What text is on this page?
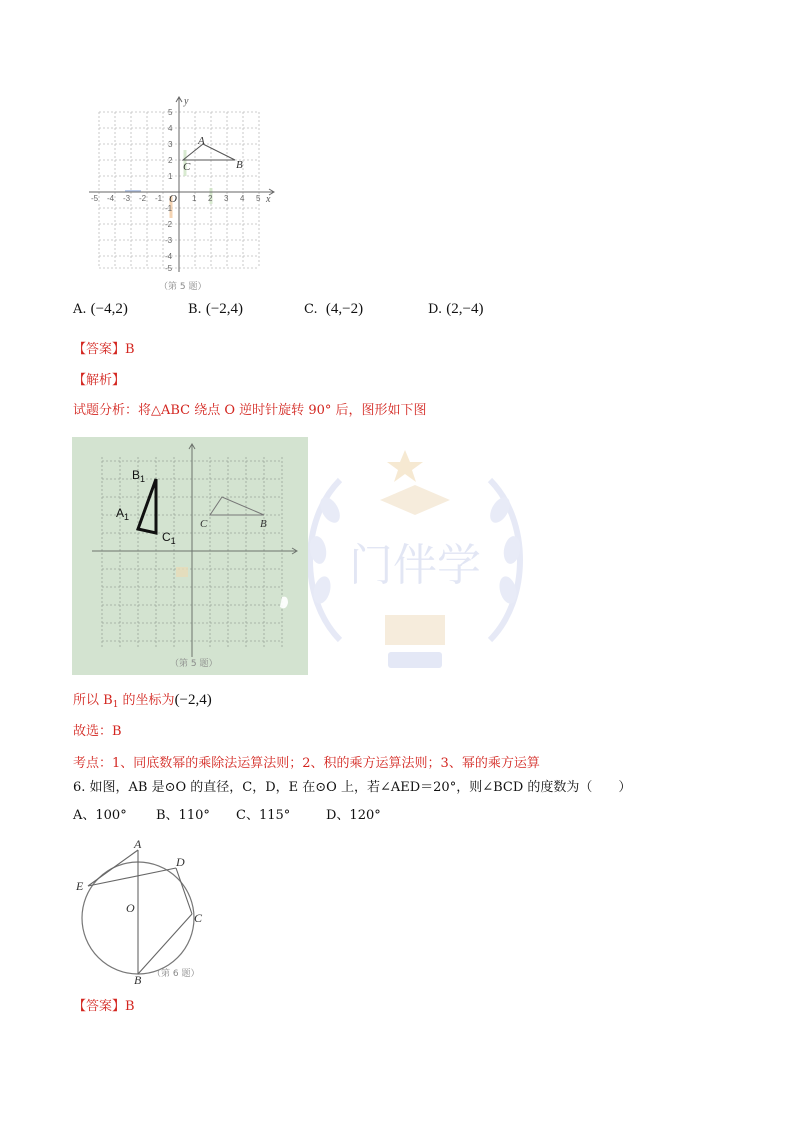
y
x
O
A
B
C
-5 -4 -3 -2 -1	1 2 3 4 5
5
4
3
2
1
-1
-2
-3
-4
-5
（第 5 题）
A. (−4,2)	B. (−2,4)	C. (4,−2)	D. (2,−4)
【答案】B
【解析】
试题分析：将△ABC 绕点 O 逆时针旋转 90° 后，图形如下图
门伴学
$B_1$
$A_1$
$C_1$
C	B
（第 5 题）
所以 $B_1$ 的坐标为(−2,4)
故选：B
考点：1、同底数幂的乘除法运算法则；2、积的乘方运算法则；3、幂的乘方运算
6. 如图，AB 是⊙O 的直径，C，D，E 在⊙O 上，若∠AED＝20°，则∠BCD 的度数为（　　）
A、100° B、110° C、115°	D、120°
A
D
E
O
C
B （第 6 题）
【答案】B
